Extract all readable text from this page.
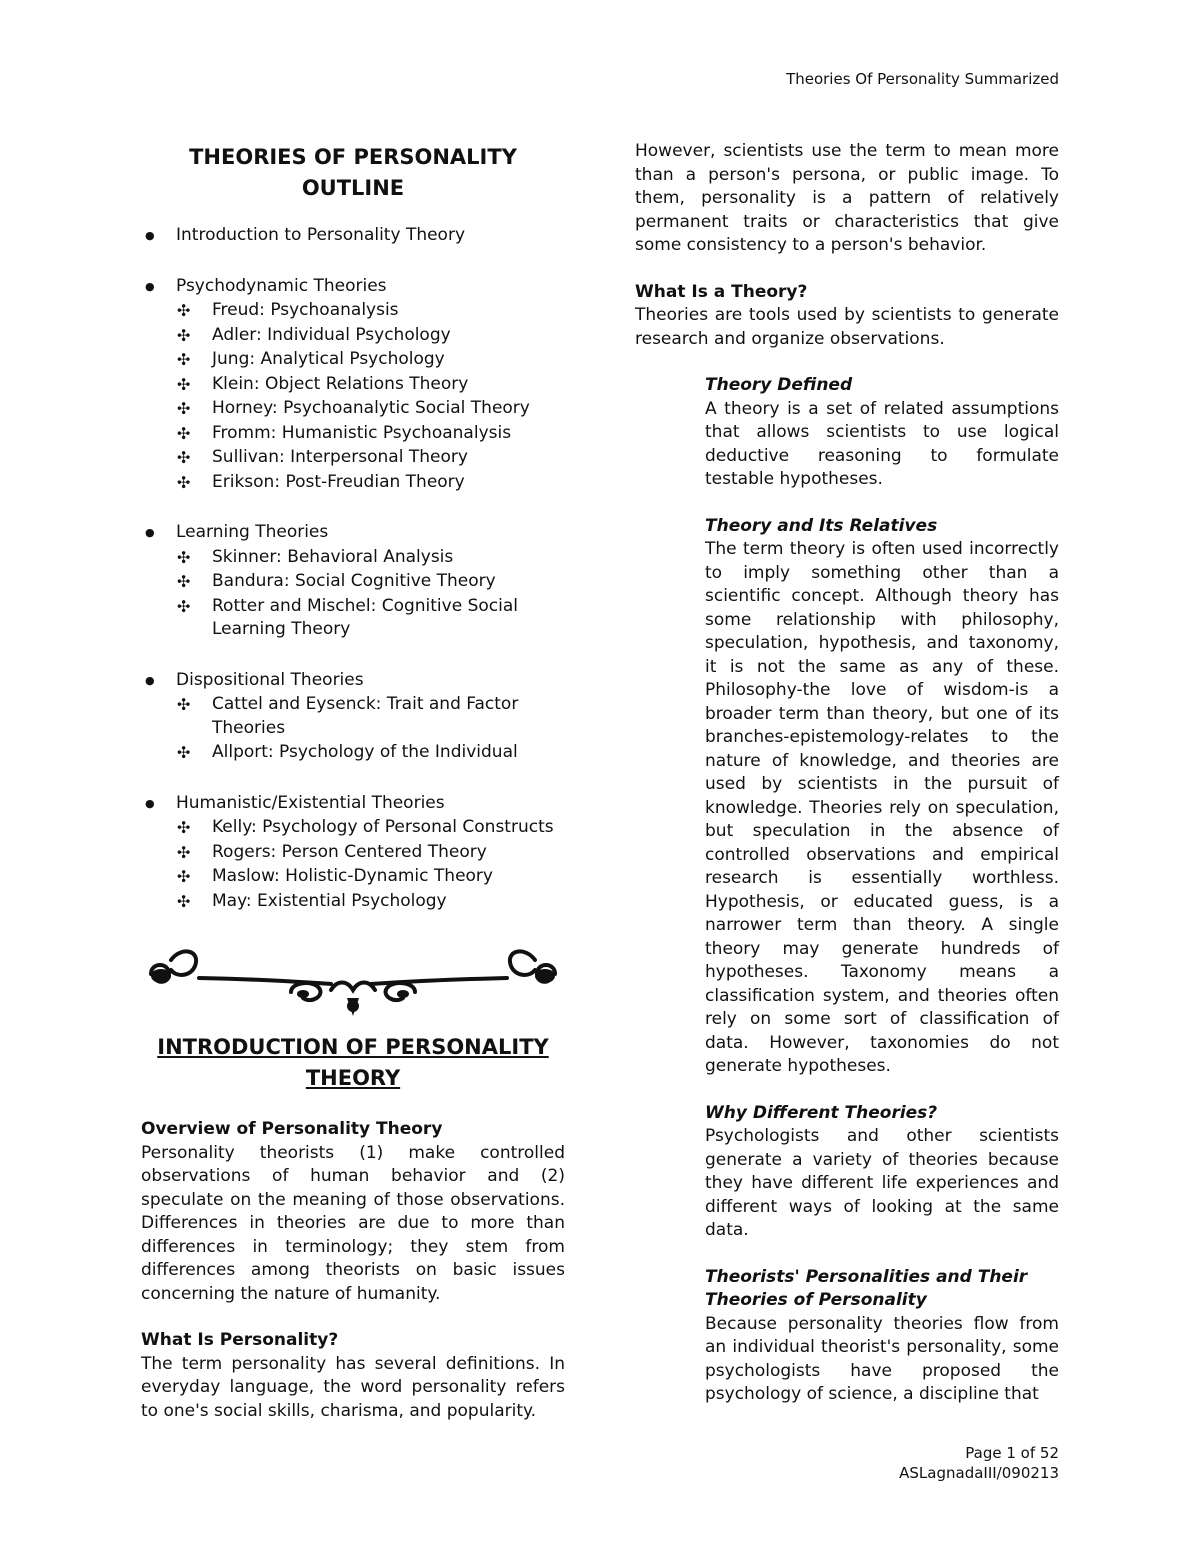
Theories Of Personality Summarized
THEORIES OF PERSONALITY
OUTLINE
● Introduction to Personality Theory
● Psychodynamic Theories
✣ Freud: Psychoanalysis
✣ Adler: Individual Psychology
✣ Jung: Analytical Psychology
✣ Klein: Object Relations Theory
✣ Horney: Psychoanalytic Social Theory
✣ Fromm: Humanistic Psychoanalysis
✣ Sullivan: Interpersonal Theory
✣ Erikson: Post-Freudian Theory
● Learning Theories
✣ Skinner: Behavioral Analysis
✣ Bandura: Social Cognitive Theory
✣ Rotter and Mischel: Cognitive Social Learning Theory
● Dispositional Theories
✣ Cattel and Eysenck: Trait and Factor Theories
✣ Allport: Psychology of the Individual
● Humanistic/Existential Theories
✣ Kelly: Psychology of Personal Constructs
✣ Rogers: Person Centered Theory
✣ Maslow: Holistic-Dynamic Theory
✣ May: Existential Psychology
INTRODUCTION OF PERSONALITY
THEORY

Overview of Personality Theory

Personality theorists (1) make controlled observations of human behavior and (2) speculate on the meaning of those observations. Differences in theories are due to more than differences in terminology; they stem from differences among theorists on basic issues concerning the nature of humanity.

What Is Personality?

The term personality has several definitions. In everyday language, the word personality refers to one's social skills, charisma, and popularity.

However, scientists use the term to mean more than a person's persona, or public image. To them, personality is a pattern of relatively permanent traits or characteristics that give some consistency to a person's behavior.

What Is a Theory?

Theories are tools used by scientists to generate research and organize observations.

Theory Defined

A theory is a set of related assumptions that allows scientists to use logical deductive reasoning to formulate testable hypotheses.

Theory and Its Relatives

The term theory is often used incorrectly to imply something other than a scientific concept. Although theory has some relationship with philosophy, speculation, hypothesis, and taxonomy, it is not the same as any of these. Philosophy-the love of wisdom-is a broader term than theory, but one of its branches-epistemology-relates to the nature of knowledge, and theories are used by scientists in the pursuit of knowledge. Theories rely on speculation, but speculation in the absence of controlled observations and empirical research is essentially worthless. Hypothesis, or educated guess, is a narrower term than theory. A single theory may generate hundreds of hypotheses. Taxonomy means a classification system, and theories often rely on some sort of classification of data. However, taxonomies do not generate hypotheses.

Why Different Theories?

Psychologists and other scientists generate a variety of theories because they have different life experiences and different ways of looking at the same data.

Theorists' Personalities and Their Theories of Personality

Because personality theories flow from an individual theorist's personality, some psychologists have proposed the psychology of science, a discipline that

Page 1 of 52
ASLagnadaIII/090213
